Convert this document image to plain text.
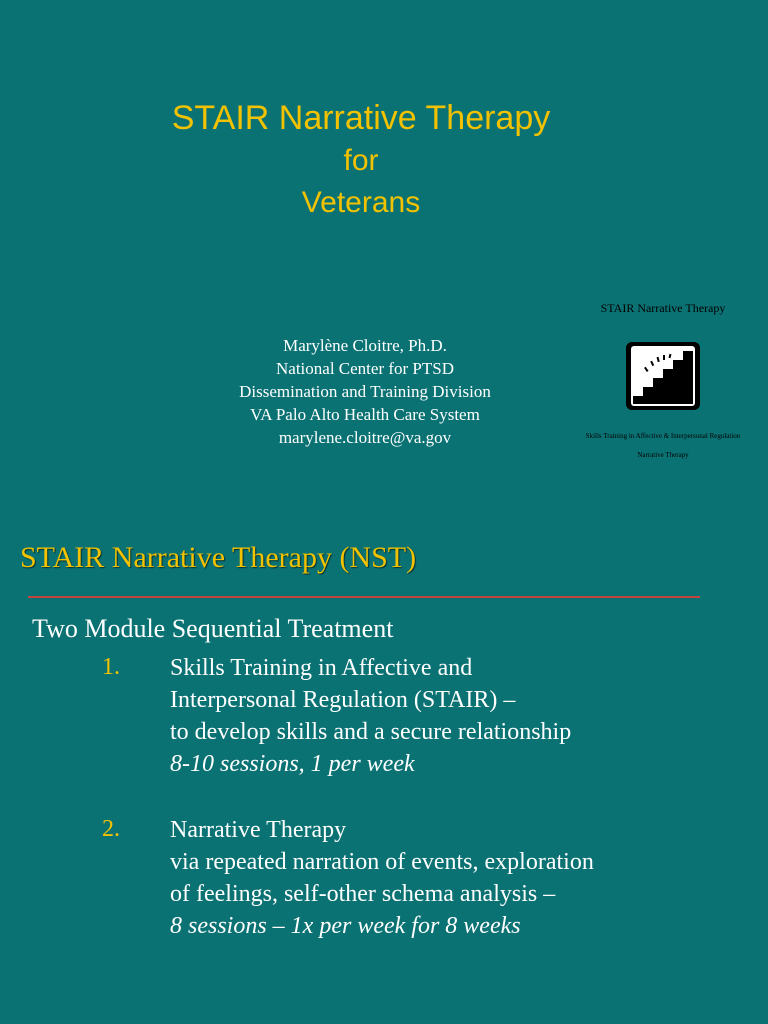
STAIR Narrative Therapy
for
Veterans
Marylène Cloitre, Ph.D.
National Center for PTSD
Dissemination and Training Division
VA Palo Alto Health Care System
marylene.cloitre@va.gov
STAIR Narrative Therapy
Skills Training in Affective & Interpersonal Regulation
Narrative Therapy
STAIR Narrative Therapy (NST)
Two Module Sequential Treatment
1. Skills Training in Affective and
Interpersonal Regulation (STAIR) –
to develop skills and a secure relationship
8-10 sessions, 1 per week
2. Narrative Therapy
via repeated narration of events, exploration
of feelings, self-other schema analysis –
8 sessions – 1x per week for 8 weeks
